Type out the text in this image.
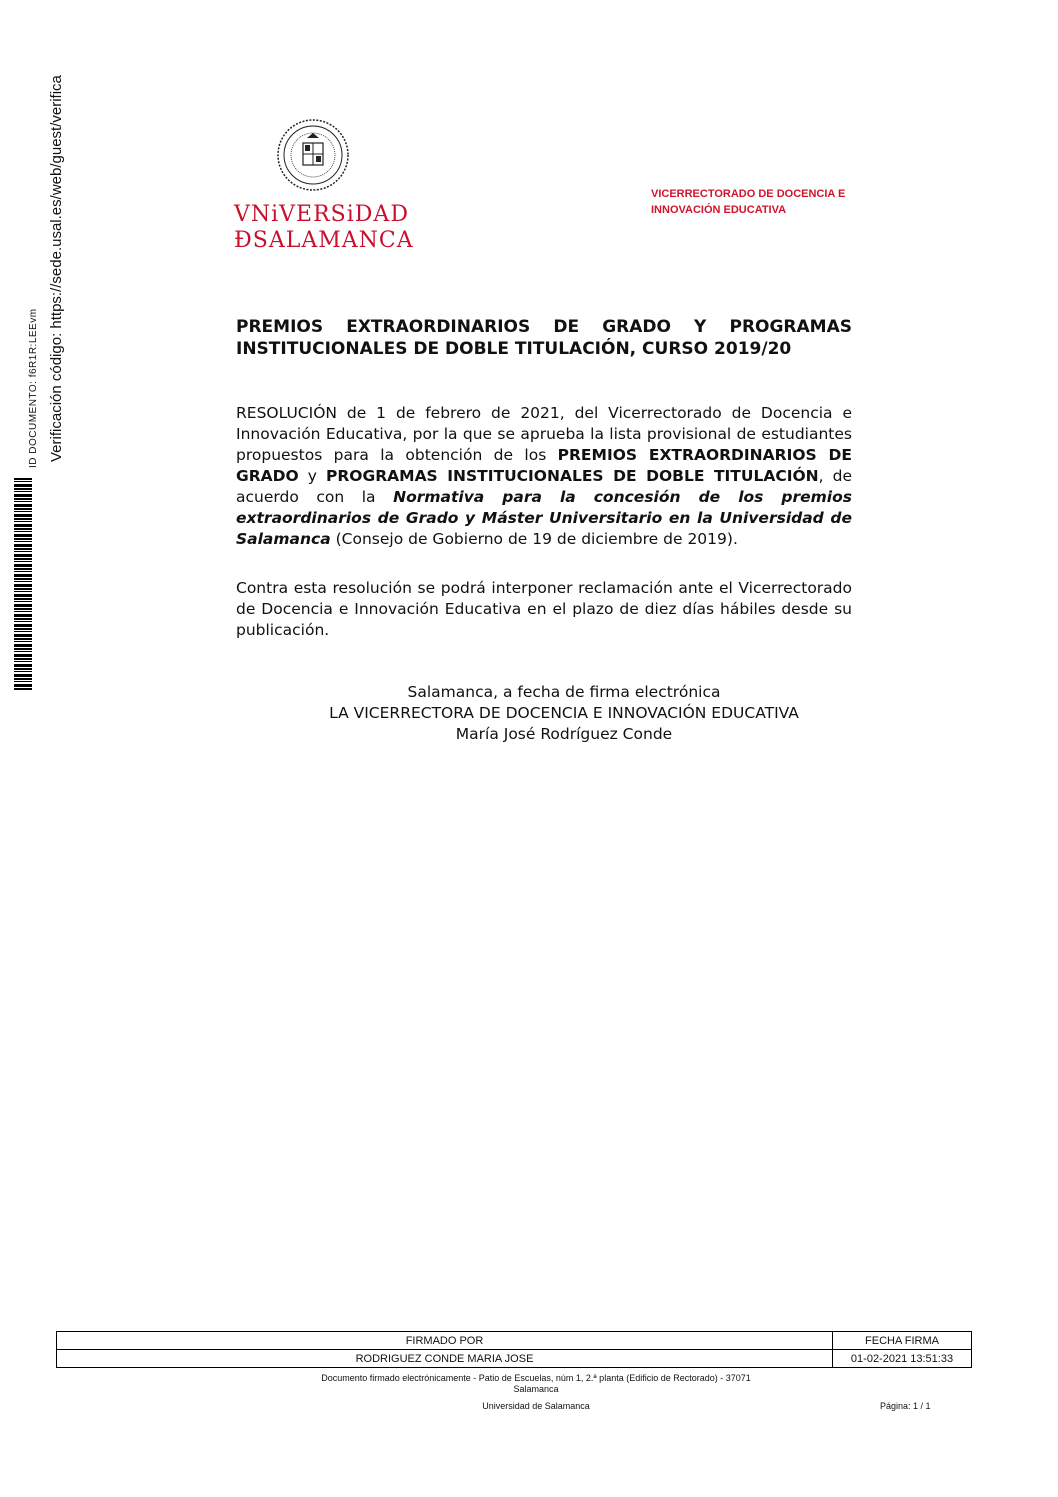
ID DOCUMENTO: f6R1R:LEEvm Verificación código: https://sede.usal.es/web/guest/verifica	VNiVERSiDAD
ÐSALAMANCA
VICERRECTORADO DE DOCENCIA E
INNOVACIÓN EDUCATIVA
PREMIOS EXTRAORDINARIOS DE GRADO Y PROGRAMAS
INSTITUCIONALES DE DOBLE TITULACIÓN, CURSO 2019/20
RESOLUCIÓN de 1 de febrero de 2021, del Vicerrectorado de Docencia e Innovación Educativa, por la que se aprueba la lista provisional de estudiantes propuestos para la obtención de los PREMIOS EXTRAORDINARIOS DE GRADO y PROGRAMAS INSTITUCIONALES DE DOBLE TITULACIÓN, de acuerdo con la Normativa para la concesión de los premios extraordinarios de Grado y Máster Universitario en la Universidad de Salamanca (Consejo de Gobierno de 19 de diciembre de 2019).
Contra esta resolución se podrá interponer reclamación ante el Vicerrectorado de Docencia e Innovación Educativa en el plazo de diez días hábiles desde su publicación.
Salamanca, a fecha de firma electrónica
LA VICERRECTORA DE DOCENCIA E INNOVACIÓN EDUCATIVA
María José Rodríguez Conde
FIRMADO POR	FECHA FIRMA
RODRIGUEZ CONDE MARIA JOSE	01-02-2021 13:51:33
Documento firmado electrónicamente - Patio de Escuelas, núm 1, 2.ª planta (Edificio de Rectorado) - 37071
Salamanca
Universidad de Salamanca	Página: 1 / 1
